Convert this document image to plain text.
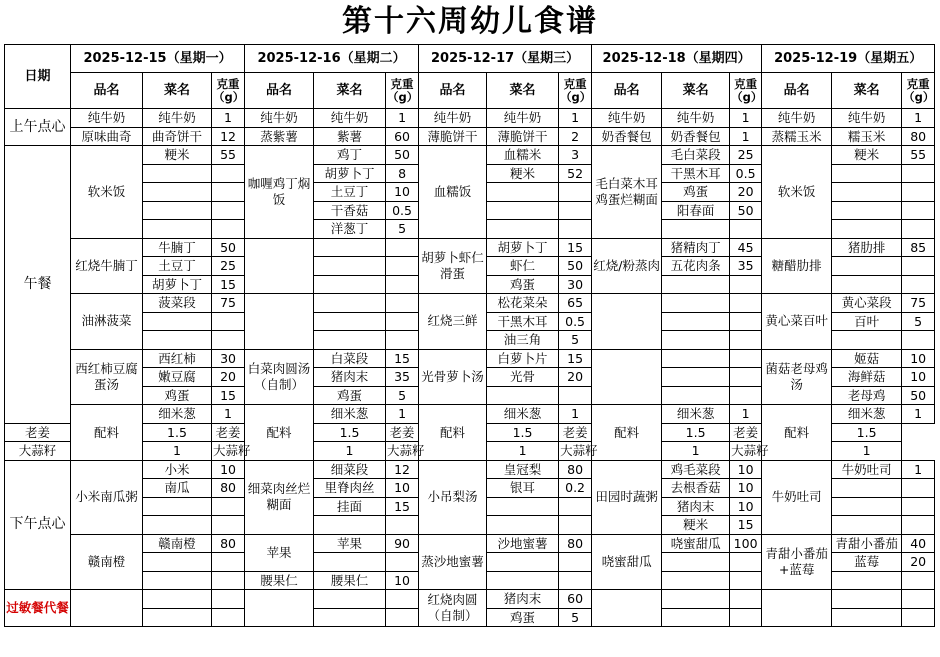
第十六周幼儿食谱
日期	2025-12-15（星期一）			2025-12-16（星期二）			2025-12-17（星期三）			2025-12-18（星期四）			2025-12-19（星期五）		
	品名	菜名	克重（g）	品名	菜名	克重（g）	品名	菜名	克重（g）	品名	菜名	克重（g）	品名	菜名	克重（g）
上午点心	纯牛奶	纯牛奶	1	纯牛奶	纯牛奶	1	纯牛奶	纯牛奶	1	纯牛奶	纯牛奶	1	纯牛奶	纯牛奶	1
	原味曲奇	曲奇饼干	12	蒸紫薯	紫薯	60	薄脆饼干	薄脆饼干	2	奶香餐包	奶香餐包	1	蒸糯玉米	糯玉米	80
午餐	软米饭	粳米	55	咖喱鸡丁焖饭	鸡丁	50	血糯饭	血糯米	3	毛白菜木耳鸡蛋烂糊面	毛白菜段	25	软米饭	粳米	55
					胡萝卜丁	8		粳米	52		干黑木耳	0.5			
					土豆丁	10					鸡蛋	20			
					干香菇	0.5					阳春面	50			
					洋葱丁	5									
	红烧牛腩丁	牛腩丁	50				胡萝卜虾仁滑蛋	胡萝卜丁	15	红烧/粉蒸肉	猪精肉丁	45	糖醋肋排	猪肋排	85
		土豆丁	25					虾仁	50		五花肉条	35			
		胡萝卜丁	15					鸡蛋	30						
	油淋菠菜	菠菜段	75				红烧三鲜	松花菜朵	65				黄心菜百叶	黄心菜段	75
								干黑木耳	0.5					百叶	5
								油三角	5						
	西红柿豆腐蛋汤	西红柿	30	白菜肉圆汤（自制）	白菜段	15	光骨萝卜汤	白萝卜片	15				菌菇老母鸡汤	姬菇	10
		嫩豆腐	20		猪肉末	35		光骨	20					海鲜菇	10
		鸡蛋	15		鸡蛋	5								老母鸡	50
	配料	细米葱	1	配料	细米葱	1	配料	细米葱	1	配料	细米葱	1	配料	细米葱	1
老姜		1.5	老姜		1.5	老姜		1.5	老姜		1.5	老姜		1.5	
大蒜籽		1	大蒜籽		1	大蒜籽		1	大蒜籽		1	大蒜籽		1	
下午点心	小米南瓜粥	小米	10	细菜肉丝烂糊面	细菜段	12	小吊梨汤	皇冠梨	80	田园时蔬粥	鸡毛菜段	10	牛奶吐司	牛奶吐司	1
		南瓜	80		里脊肉丝	10		银耳	0.2		去根香菇	10			
					挂面	15					猪肉末	10			
											粳米	15			
	赣南橙	赣南橙	80	苹果	苹果	90	蒸沙地蜜薯	沙地蜜薯	80	哓蜜甜瓜	哓蜜甜瓜	100	青甜小番茄+蓝莓	青甜小番茄	40
														蓝莓	20
				腰果仁	腰果仁	10									
过敏餐代餐							红烧肉圆（自制）	猪肉末	60						
								鸡蛋	5						
